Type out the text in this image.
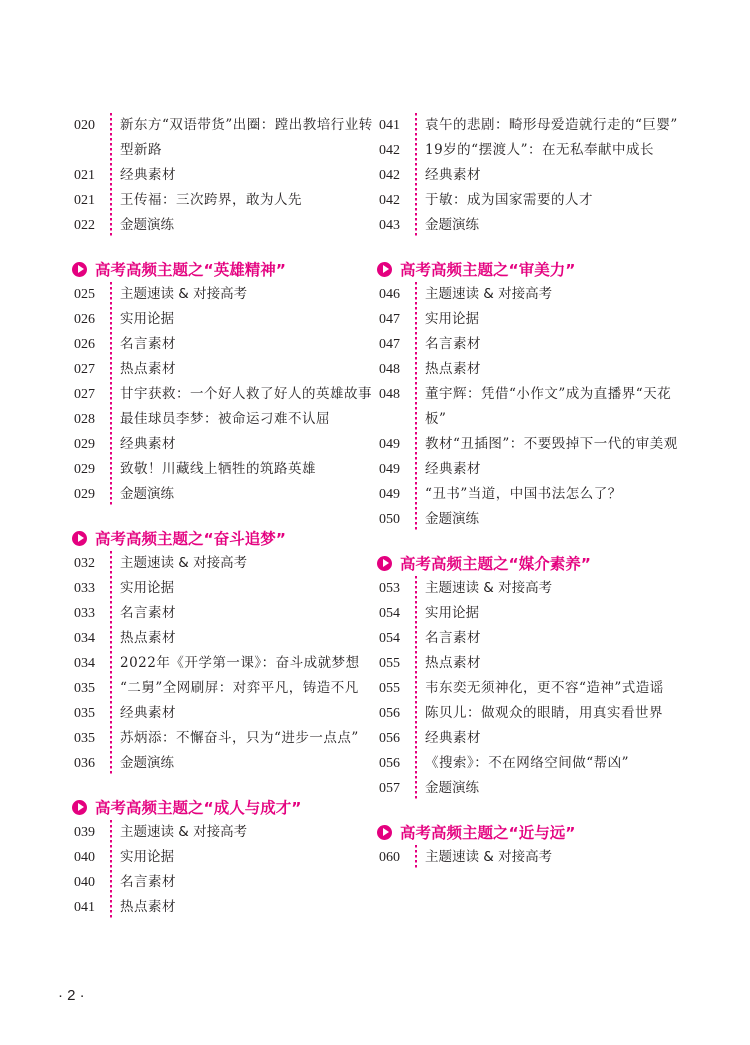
020	新东方“双语带货”出圈：蹚出教培行业转型新路
021	经典素材
021	王传福：三次跨界，敢为人先
022	金题演练
高考高频主题之“英雄精神”
025	主题速读 & 对接高考
026	实用论据
026	名言素材
027	热点素材
027	甘宇获救：一个好人救了好人的英雄故事
028	最佳球员李梦：被命运刁难不认屈
029	经典素材
029	致敬！川藏线上牺牲的筑路英雄
029	金题演练
高考高频主题之“奋斗追梦”
032	主题速读 & 对接高考
033	实用论据
033	名言素材
034	热点素材
034	2022年《开学第一课》：奋斗成就梦想
035	“二舅”全网刷屏：对弈平凡，铸造不凡
035	经典素材
035	苏炳添：不懈奋斗，只为“进步一点点”
036	金题演练
高考高频主题之“成人与成才”
039	主题速读 & 对接高考
040	实用论据
040	名言素材
041	热点素材
041	袁午的悲剧：畸形母爱造就行走的“巨婴”
042	19岁的“摆渡人”：在无私奉献中成长
042	经典素材
042	于敏：成为国家需要的人才
043	金题演练
高考高频主题之“审美力”
046	主题速读 & 对接高考
047	实用论据
047	名言素材
048	热点素材
048	董宇辉：凭借“小作文”成为直播界“天花板”
049	教材“丑插图”：不要毁掉下一代的审美观
049	经典素材
049	“丑书”当道，中国书法怎么了？
050	金题演练
高考高频主题之“媒介素养”
053	主题速读 & 对接高考
054	实用论据
054	名言素材
055	热点素材
055	韦东奕无须神化，更不容“造神”式造谣
056	陈贝儿：做观众的眼睛，用真实看世界
056	经典素材
056	《搜索》：不在网络空间做“帮凶”
057	金题演练
高考高频主题之“近与远”
060	主题速读 & 对接高考
· 2 ·
